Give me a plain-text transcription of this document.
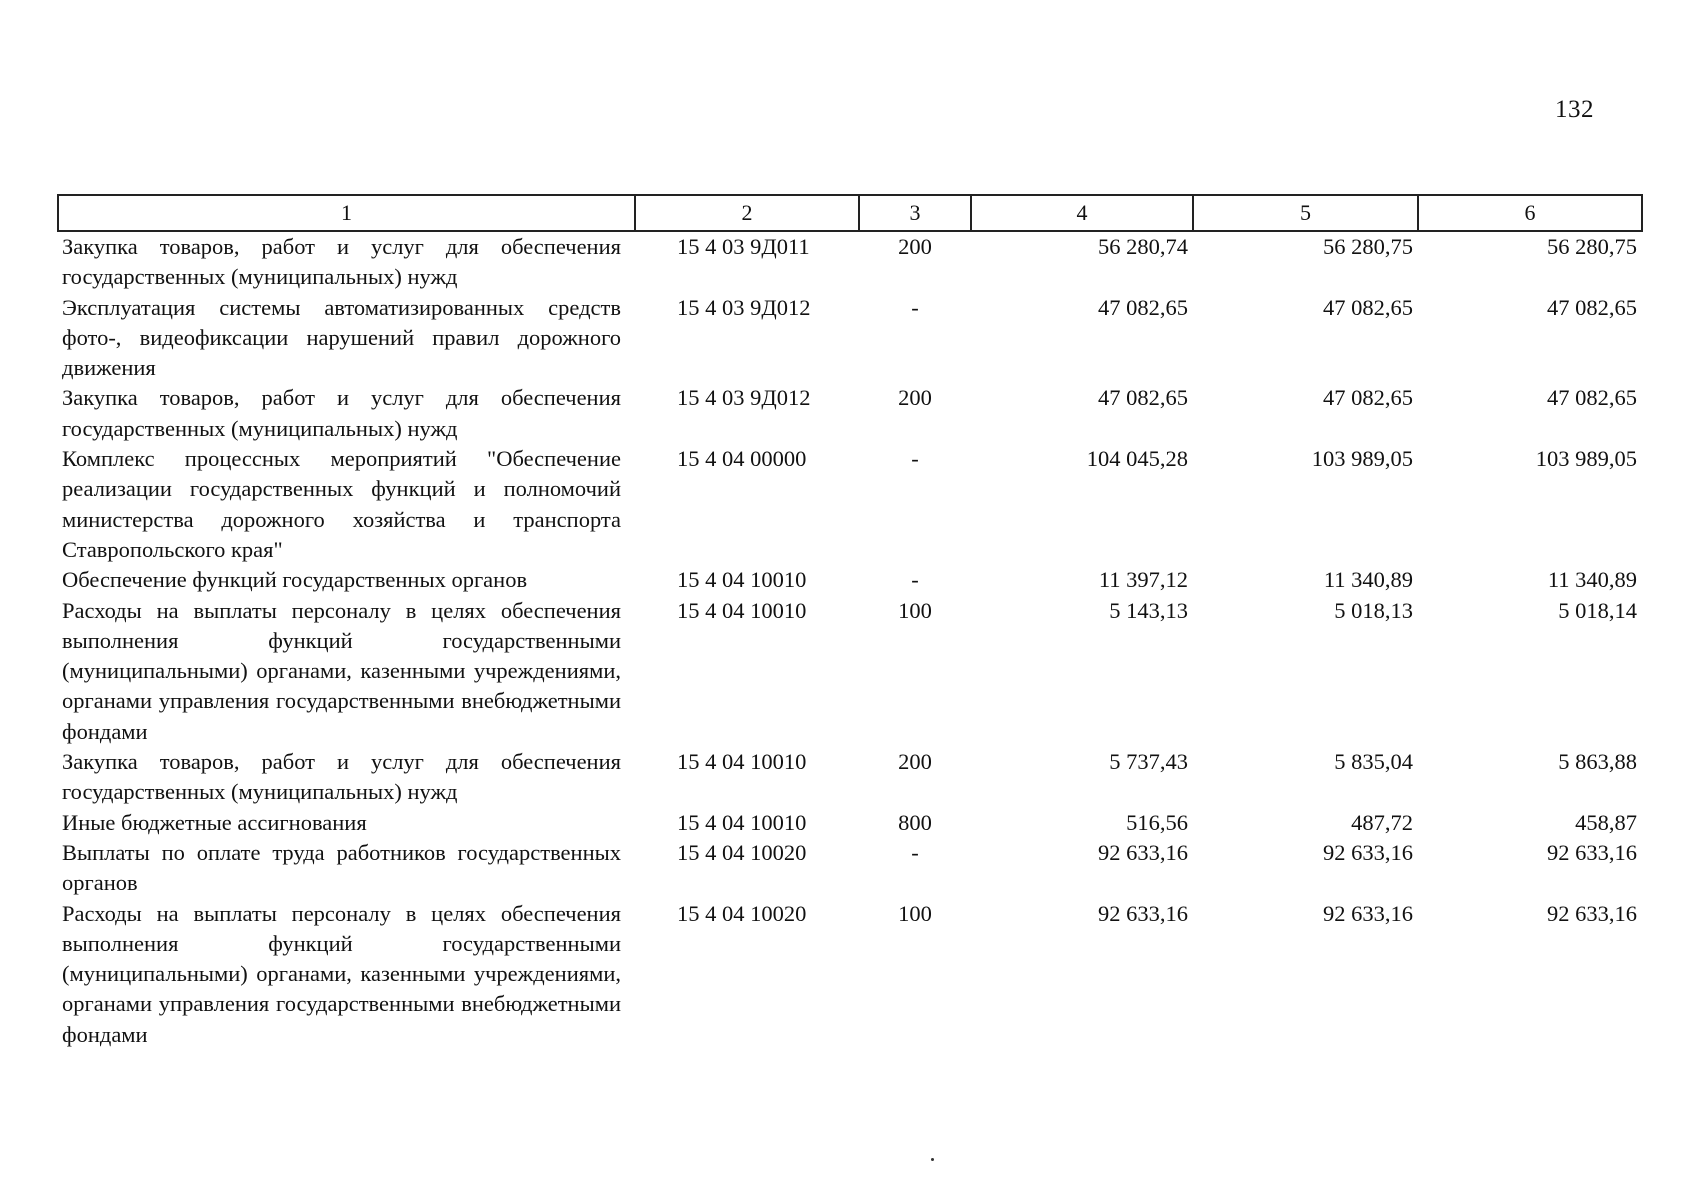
132
1	2	3	4	5	6
Закупка товаров, работ и услуг для обеспечения государственных (муниципальных) нужд	15 4 03 9Д011	200	56 280,74	56 280,75	56 280,75
Эксплуатация системы автоматизированных средств фото-, видеофиксации нарушений правил дорожного движения	15 4 03 9Д012	-	47 082,65	47 082,65	47 082,65
Закупка товаров, работ и услуг для обеспечения государственных (муниципальных) нужд	15 4 03 9Д012	200	47 082,65	47 082,65	47 082,65
Комплекс процессных мероприятий "Обеспечение реализации государственных функций и полномочий министерства дорожного хозяйства и транспорта Ставропольского края"	15 4 04 00000	-	104 045,28	103 989,05	103 989,05
Обеспечение функций государственных органов	15 4 04 10010	-	11 397,12	11 340,89	11 340,89
Расходы на выплаты персоналу в целях обеспечения выполнения функций государственными (муниципальными) органами, казенными учреждениями, органами управления государственными внебюджетными фондами	15 4 04 10010	100	5 143,13	5 018,13	5 018,14
Закупка товаров, работ и услуг для обеспечения государственных (муниципальных) нужд	15 4 04 10010	200	5 737,43	5 835,04	5 863,88
Иные бюджетные ассигнования	15 4 04 10010	800	516,56	487,72	458,87
Выплаты по оплате труда работников государственных органов	15 4 04 10020	-	92 633,16	92 633,16	92 633,16
Расходы на выплаты персоналу в целях обеспечения выполнения функций государственными (муниципальными) органами, казенными учреждениями, органами управления государственными внебюджетными фондами	15 4 04 10020	100	92 633,16	92 633,16	92 633,16
